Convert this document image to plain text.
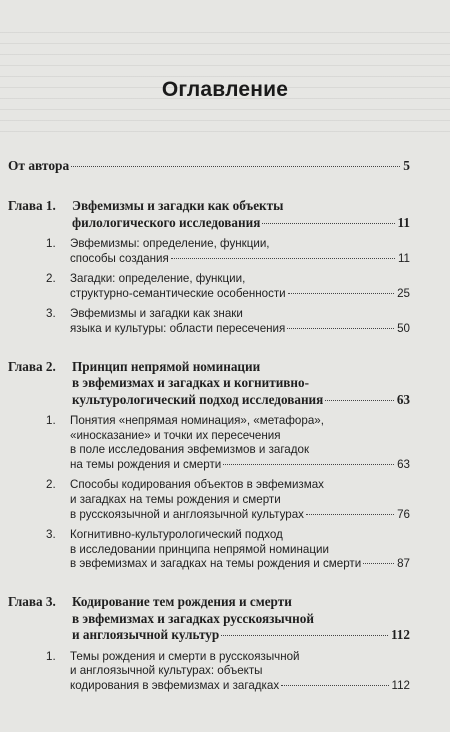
Оглавление
От автора	5
Глава 1.	Эвфемизмы и загадки как объекты
филологического исследования	11
1.	Эвфемизмы: определение, функции,
способы создания	11
2.	Загадки: определение, функции,
структурно-семантические особенности	25
3.	Эвфемизмы и загадки как знаки
языка и культуры: области пересечения	50
Глава 2.	Принцип непрямой номинации
в эвфемизмах и загадках и когнитивно-
культурологический подход исследования	63
1.	Понятия «непрямая номинация», «метафора»,
«иносказание» и точки их пересечения
в поле исследования эвфемизмов и загадок
на темы рождения и смерти	63
2.	Способы кодирования объектов в эвфемизмах
и загадках на темы рождения и смерти
в русскоязычной и англоязычной культурах	76
3.	Когнитивно-культурологический подход
в исследовании принципа непрямой номинации
в эвфемизмах и загадках на темы рождения и смерти	87
Глава 3.	Кодирование тем рождения и смерти
в эвфемизмах и загадках русскоязычной
и англоязычной культур	112
1.	Темы рождения и смерти в русскоязычной
и англоязычной культурах: объекты
кодирования в эвфемизмах и загадках	112
